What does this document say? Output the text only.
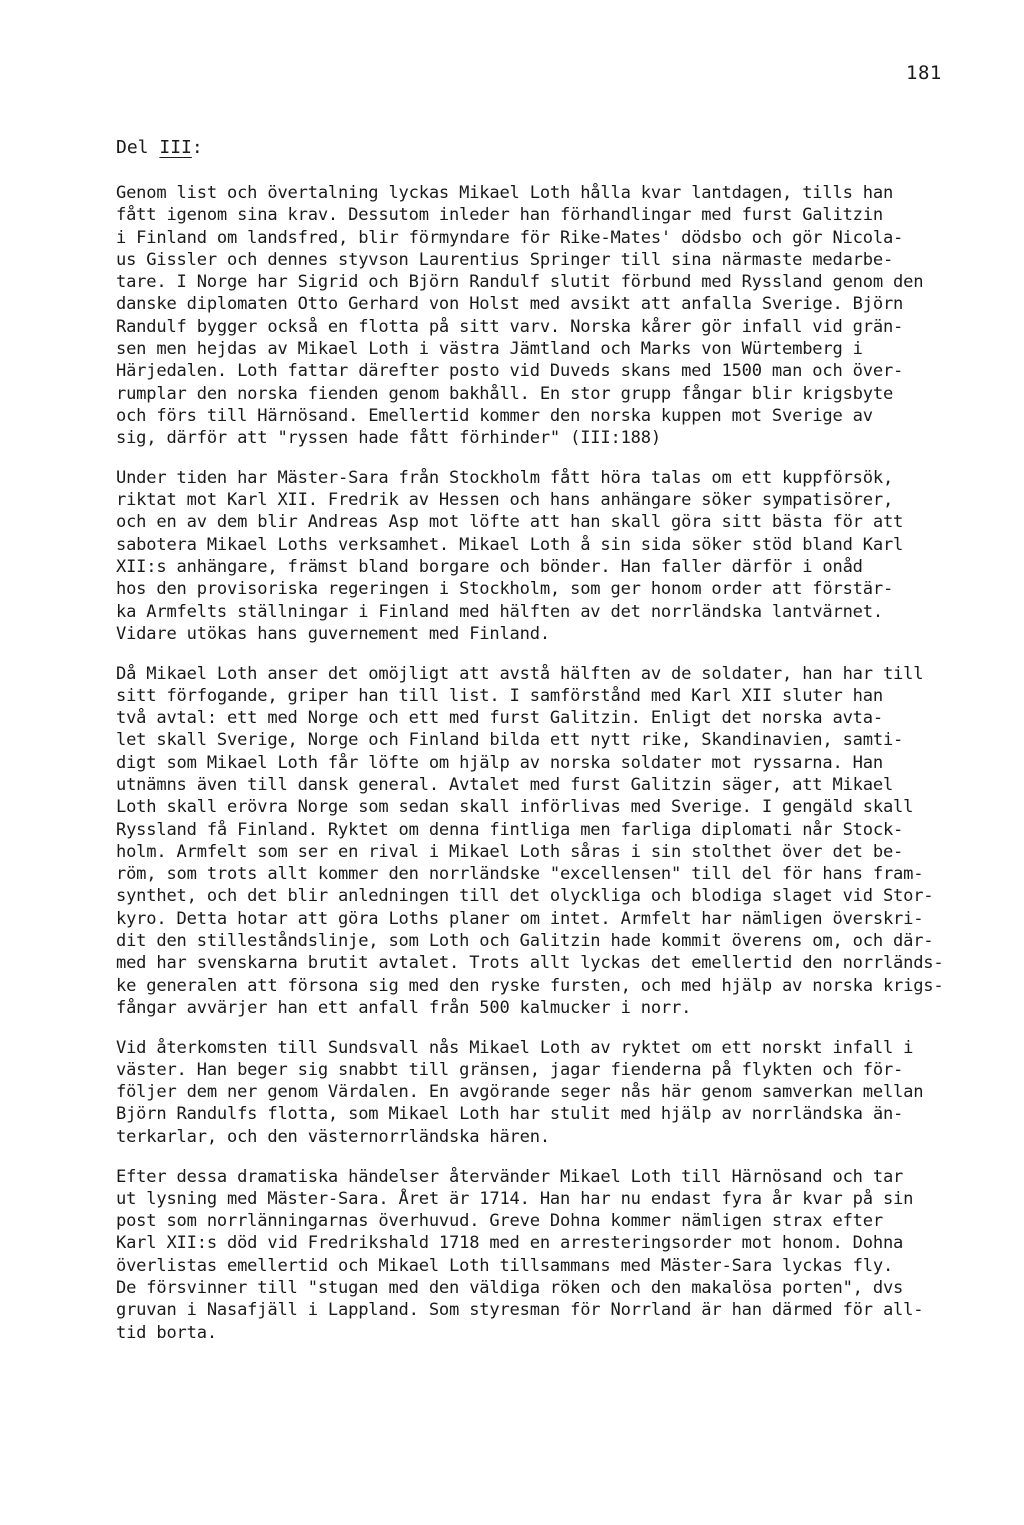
181
Del III:
Genom list och övertalning lyckas Mikael Loth hålla kvar lantdagen, tills han
fått igenom sina krav. Dessutom inleder han förhandlingar med furst Galitzin
i Finland om landsfred, blir förmyndare för Rike-Mates' dödsbo och gör Nicola-
us Gissler och dennes styvson Laurentius Springer till sina närmaste medarbe-
tare. I Norge har Sigrid och Björn Randulf slutit förbund med Ryssland genom den
danske diplomaten Otto Gerhard von Holst med avsikt att anfalla Sverige. Björn
Randulf bygger också en flotta på sitt varv. Norska kårer gör infall vid grän-
sen men hejdas av Mikael Loth i västra Jämtland och Marks von Würtemberg i
Härjedalen. Loth fattar därefter posto vid Duveds skans med 1500 man och över-
rumplar den norska fienden genom bakhåll. En stor grupp fångar blir krigsbyte
och förs till Härnösand. Emellertid kommer den norska kuppen mot Sverige av
sig, därför att "ryssen hade fått förhinder" (III:188)
Under tiden har Mäster-Sara från Stockholm fått höra talas om ett kuppförsök,
riktat mot Karl XII. Fredrik av Hessen och hans anhängare söker sympatisörer,
och en av dem blir Andreas Asp mot löfte att han skall göra sitt bästa för att
sabotera Mikael Loths verksamhet. Mikael Loth å sin sida söker stöd bland Karl
XII:s anhängare, främst bland borgare och bönder. Han faller därför i onåd
hos den provisoriska regeringen i Stockholm, som ger honom order att förstär-
ka Armfelts ställningar i Finland med hälften av det norrländska lantvärnet.
Vidare utökas hans guvernement med Finland.
Då Mikael Loth anser det omöjligt att avstå hälften av de soldater, han har till
sitt förfogande, griper han till list. I samförstånd med Karl XII sluter han
två avtal: ett med Norge och ett med furst Galitzin. Enligt det norska avta-
let skall Sverige, Norge och Finland bilda ett nytt rike, Skandinavien, samti-
digt som Mikael Loth får löfte om hjälp av norska soldater mot ryssarna. Han
utnämns även till dansk general. Avtalet med furst Galitzin säger, att Mikael
Loth skall erövra Norge som sedan skall införlivas med Sverige. I gengäld skall
Ryssland få Finland. Ryktet om denna fintliga men farliga diplomati når Stock-
holm. Armfelt som ser en rival i Mikael Loth såras i sin stolthet över det be-
röm, som trots allt kommer den norrländske "excellensen" till del för hans fram-
synthet, och det blir anledningen till det olyckliga och blodiga slaget vid Stor-
kyro. Detta hotar att göra Loths planer om intet. Armfelt har nämligen överskri-
dit den stilleståndslinje, som Loth och Galitzin hade kommit överens om, och där-
med har svenskarna brutit avtalet. Trots allt lyckas det emellertid den norrländs-
ke generalen att försona sig med den ryske fursten, och med hjälp av norska krigs-
fångar avvärjer han ett anfall från 500 kalmucker i norr.
Vid återkomsten till Sundsvall nås Mikael Loth av ryktet om ett norskt infall i
väster. Han beger sig snabbt till gränsen, jagar fienderna på flykten och för-
följer dem ner genom Värdalen. En avgörande seger nås här genom samverkan mellan
Björn Randulfs flotta, som Mikael Loth har stulit med hjälp av norrländska än-
terkarlar, och den västernorrländska hären.
Efter dessa dramatiska händelser återvänder Mikael Loth till Härnösand och tar
ut lysning med Mäster-Sara. Året är 1714. Han har nu endast fyra år kvar på sin
post som norrlänningarnas överhuvud. Greve Dohna kommer nämligen strax efter
Karl XII:s död vid Fredrikshald 1718 med en arresteringsorder mot honom. Dohna
överlistas emellertid och Mikael Loth tillsammans med Mäster-Sara lyckas fly.
De försvinner till "stugan med den väldiga röken och den makalösa porten", dvs
gruvan i Nasafjäll i Lappland. Som styresman för Norrland är han därmed för all-
tid borta.
